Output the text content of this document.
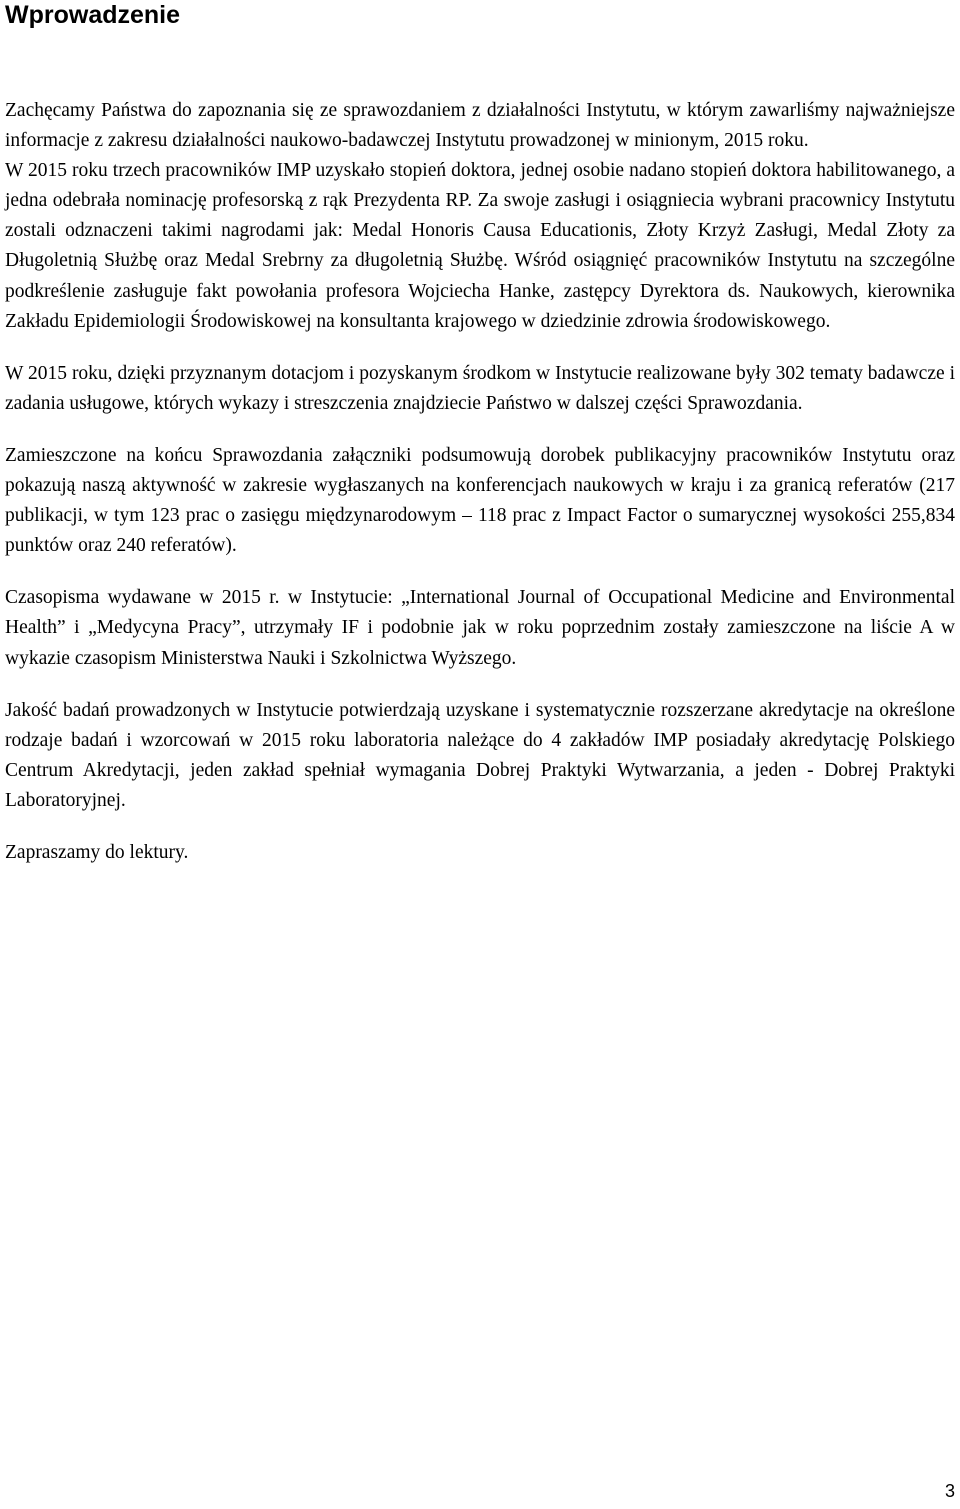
Wprowadzenie

Zachęcamy Państwa do zapoznania się ze sprawozdaniem z działalności Instytutu, w którym zawarliśmy najważniejsze informacje z zakresu działalności naukowo-badawczej Instytutu prowadzonej w minionym, 2015 roku.

W 2015 roku trzech pracowników IMP uzyskało stopień doktora, jednej osobie nadano stopień doktora habilitowanego, a jedna odebrała nominację profesorską z rąk Prezydenta RP. Za swoje zasługi i osiągniecia wybrani pracownicy Instytutu zostali odznaczeni takimi nagrodami jak: Medal Honoris Causa Educationis, Złoty Krzyż Zasługi, Medal Złoty za Długoletnią Służbę oraz Medal Srebrny za długoletnią Służbę. Wśród osiągnięć pracowników Instytutu na szczególne podkreślenie zasługuje fakt powołania profesora Wojciecha Hanke, zastępcy Dyrektora ds. Naukowych, kierownika Zakładu Epidemiologii Środowiskowej na konsultanta krajowego w dziedzinie zdrowia środowiskowego.

W 2015 roku, dzięki przyznanym dotacjom i pozyskanym środkom w Instytucie realizowane były 302 tematy badawcze i zadania usługowe, których wykazy i streszczenia znajdziecie Państwo w dalszej części Sprawozdania.

Zamieszczone na końcu Sprawozdania załączniki podsumowują dorobek publikacyjny pracowników Instytutu oraz pokazują naszą aktywność w zakresie wygłaszanych na konferencjach naukowych w kraju i za granicą referatów (217 publikacji, w tym 123 prac o zasięgu międzynarodowym – 118 prac z Impact Factor o sumarycznej wysokości 255,834 punktów oraz 240 referatów).

Czasopisma wydawane w 2015 r. w Instytucie: „International Journal of Occupational Medicine and Environmental Health” i „Medycyna Pracy”, utrzymały IF i podobnie jak w roku poprzednim zostały zamieszczone na liście A w wykazie czasopism Ministerstwa Nauki i Szkolnictwa Wyższego.

Jakość badań prowadzonych w Instytucie potwierdzają uzyskane i systematycznie rozszerzane akredytacje na określone rodzaje badań i wzorcowań w 2015 roku laboratoria należące do 4 zakładów IMP posiadały akredytację Polskiego Centrum Akredytacji, jeden zakład spełniał wymagania Dobrej Praktyki Wytwarzania, a jeden - Dobrej Praktyki Laboratoryjnej.

Zapraszamy do lektury.

3
